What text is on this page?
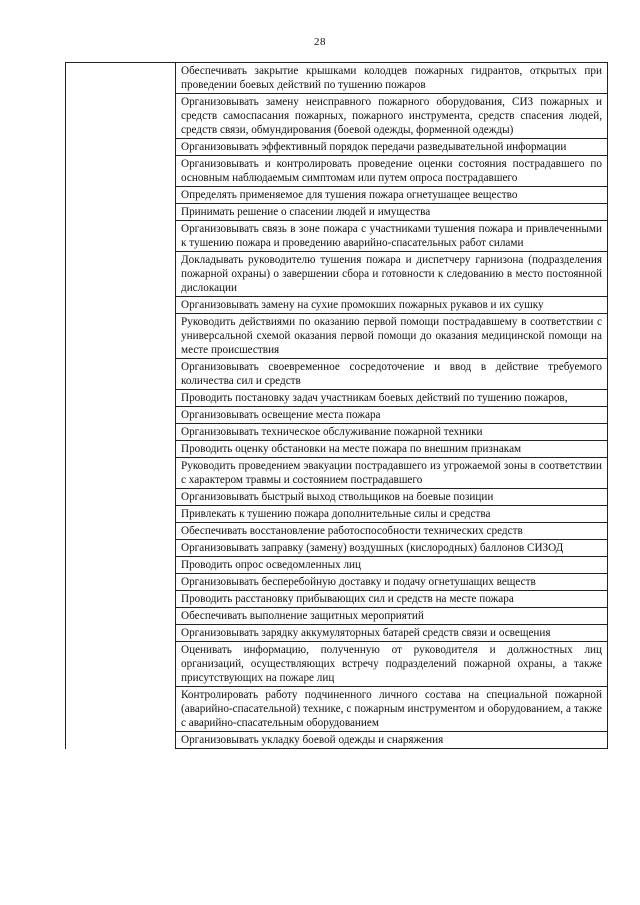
28
	Обеспечивать закрытие крышками колодцев пожарных гидрантов, открытых при проведении боевых действий по тушению пожаров
Организовывать замену неисправного пожарного оборудования, СИЗ пожарных и средств самоспасания пожарных, пожарного инструмента, средств спасения людей, средств связи, обмундирования (боевой одежды, форменной одежды)
Организовывать эффективный порядок передачи разведывательной информации
Организовывать и контролировать проведение оценки состояния пострадавшего по основным наблюдаемым симптомам или путем опроса пострадавшего
Определять применяемое для тушения пожара огнетушащее вещество
Принимать решение о спасении людей и имущества
Организовывать связь в зоне пожара с участниками тушения пожара и привлеченными к тушению пожара и проведению аварийно-спасательных работ силами
Докладывать руководителю тушения пожара и диспетчеру гарнизона (подразделения пожарной охраны) о завершении сбора и готовности к следованию в место постоянной дислокации
Организовывать замену на сухие промокших пожарных рукавов и их сушку
Руководить действиями по оказанию первой помощи пострадавшему в соответствии с универсальной схемой оказания первой помощи до оказания медицинской помощи на месте происшествия
Организовывать своевременное сосредоточение и ввод в действие требуемого количества сил и средств
Проводить постановку задач участникам боевых действий по тушению пожаров,
Организовывать освещение места пожара
Организовывать техническое обслуживание пожарной техники
Проводить оценку обстановки на месте пожара по внешним признакам
Руководить проведением эвакуации пострадавшего из угрожаемой зоны в соответствии с характером травмы и состоянием пострадавшего
Организовывать быстрый выход ствольщиков на боевые позиции
Привлекать к тушению пожара дополнительные силы и средства
Обеспечивать восстановление работоспособности технических средств
Организовывать заправку (замену) воздушных (кислородных) баллонов СИЗОД
Проводить опрос осведомленных лиц
Организовывать бесперебойную доставку и подачу огнетушащих веществ
Проводить расстановку прибывающих сил и средств на месте пожара
Обеспечивать выполнение защитных мероприятий
Организовывать зарядку аккумуляторных батарей средств связи и освещения
Оценивать информацию, полученную от руководителя и должностных лиц организаций, осуществляющих встречу подразделений пожарной охраны, а также присутствующих на пожаре лиц
Контролировать работу подчиненного личного состава на специальной пожарной (аварийно-спасательной) технике, с пожарным инструментом и оборудованием, а также с аварийно-спасательным оборудованием
Организовывать укладку боевой одежды и снаряжения
